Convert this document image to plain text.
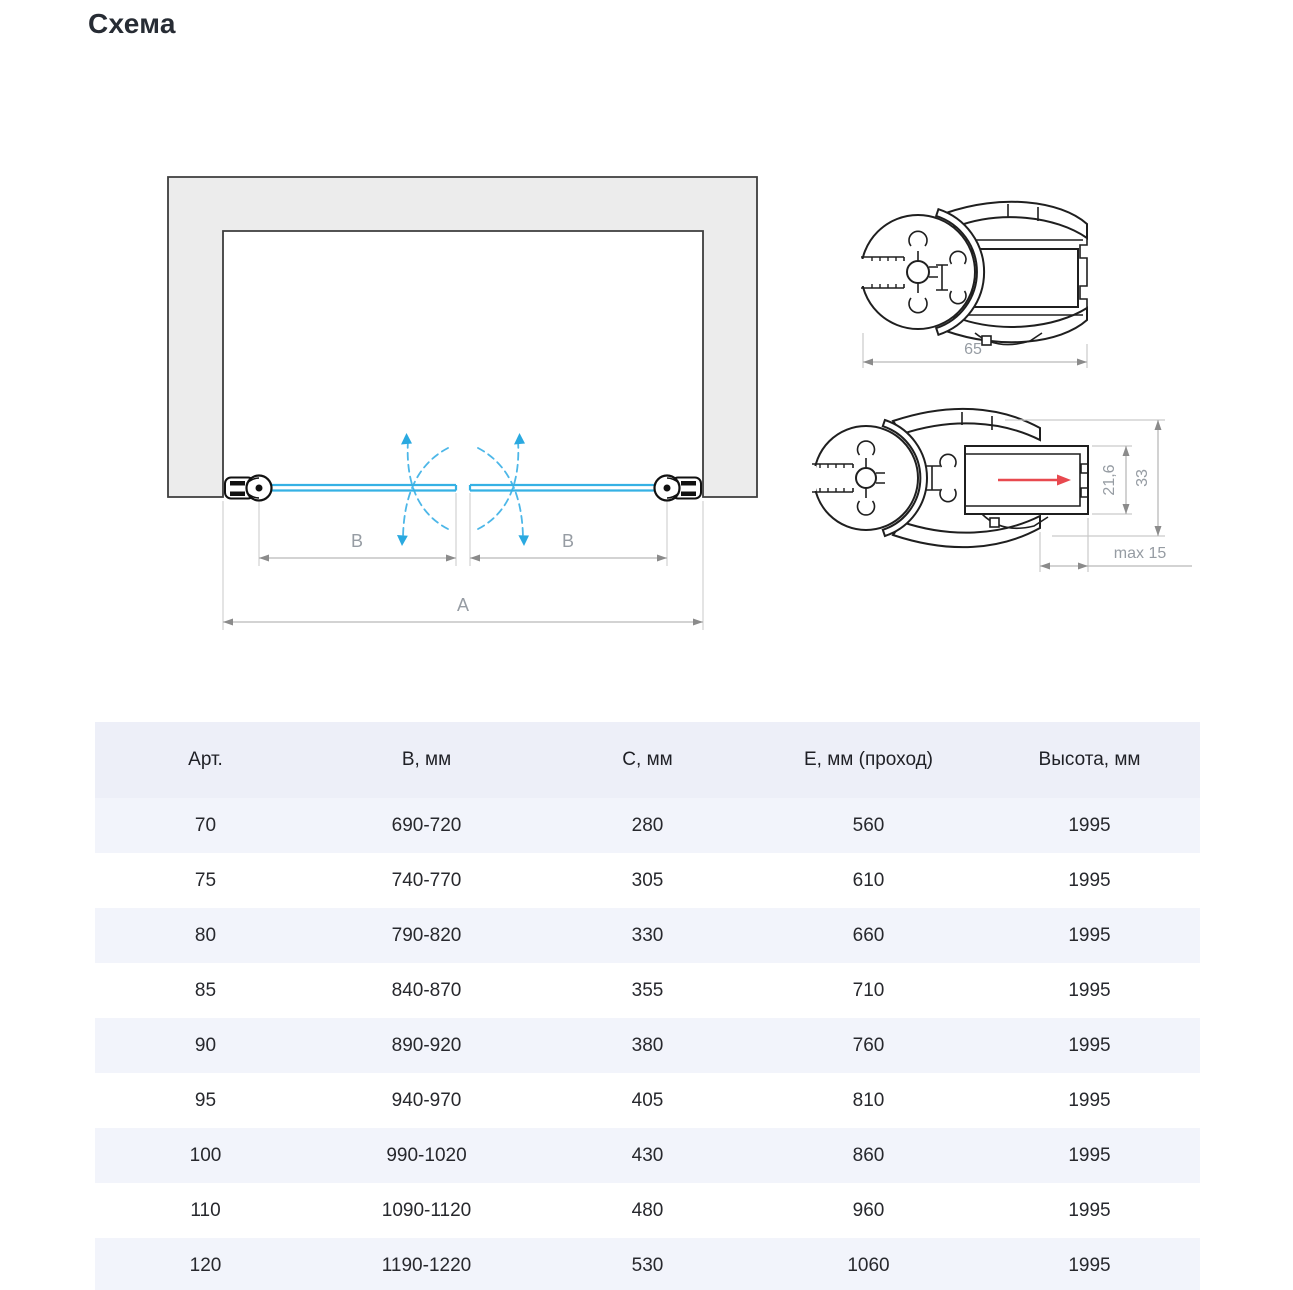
Схема
B	B
A
65
21,6 33
max 15
Арт.	В, мм	С, мм	Е, мм (проход)	Высота, мм
70	690-720	280	560	1995
75	740-770	305	610	1995
80	790-820	330	660	1995
85	840-870	355	710	1995
90	890-920	380	760	1995
95	940-970	405	810	1995
100	990-1020	430	860	1995
110	1090-1120	480	960	1995
120	1190-1220	530	1060	1995
